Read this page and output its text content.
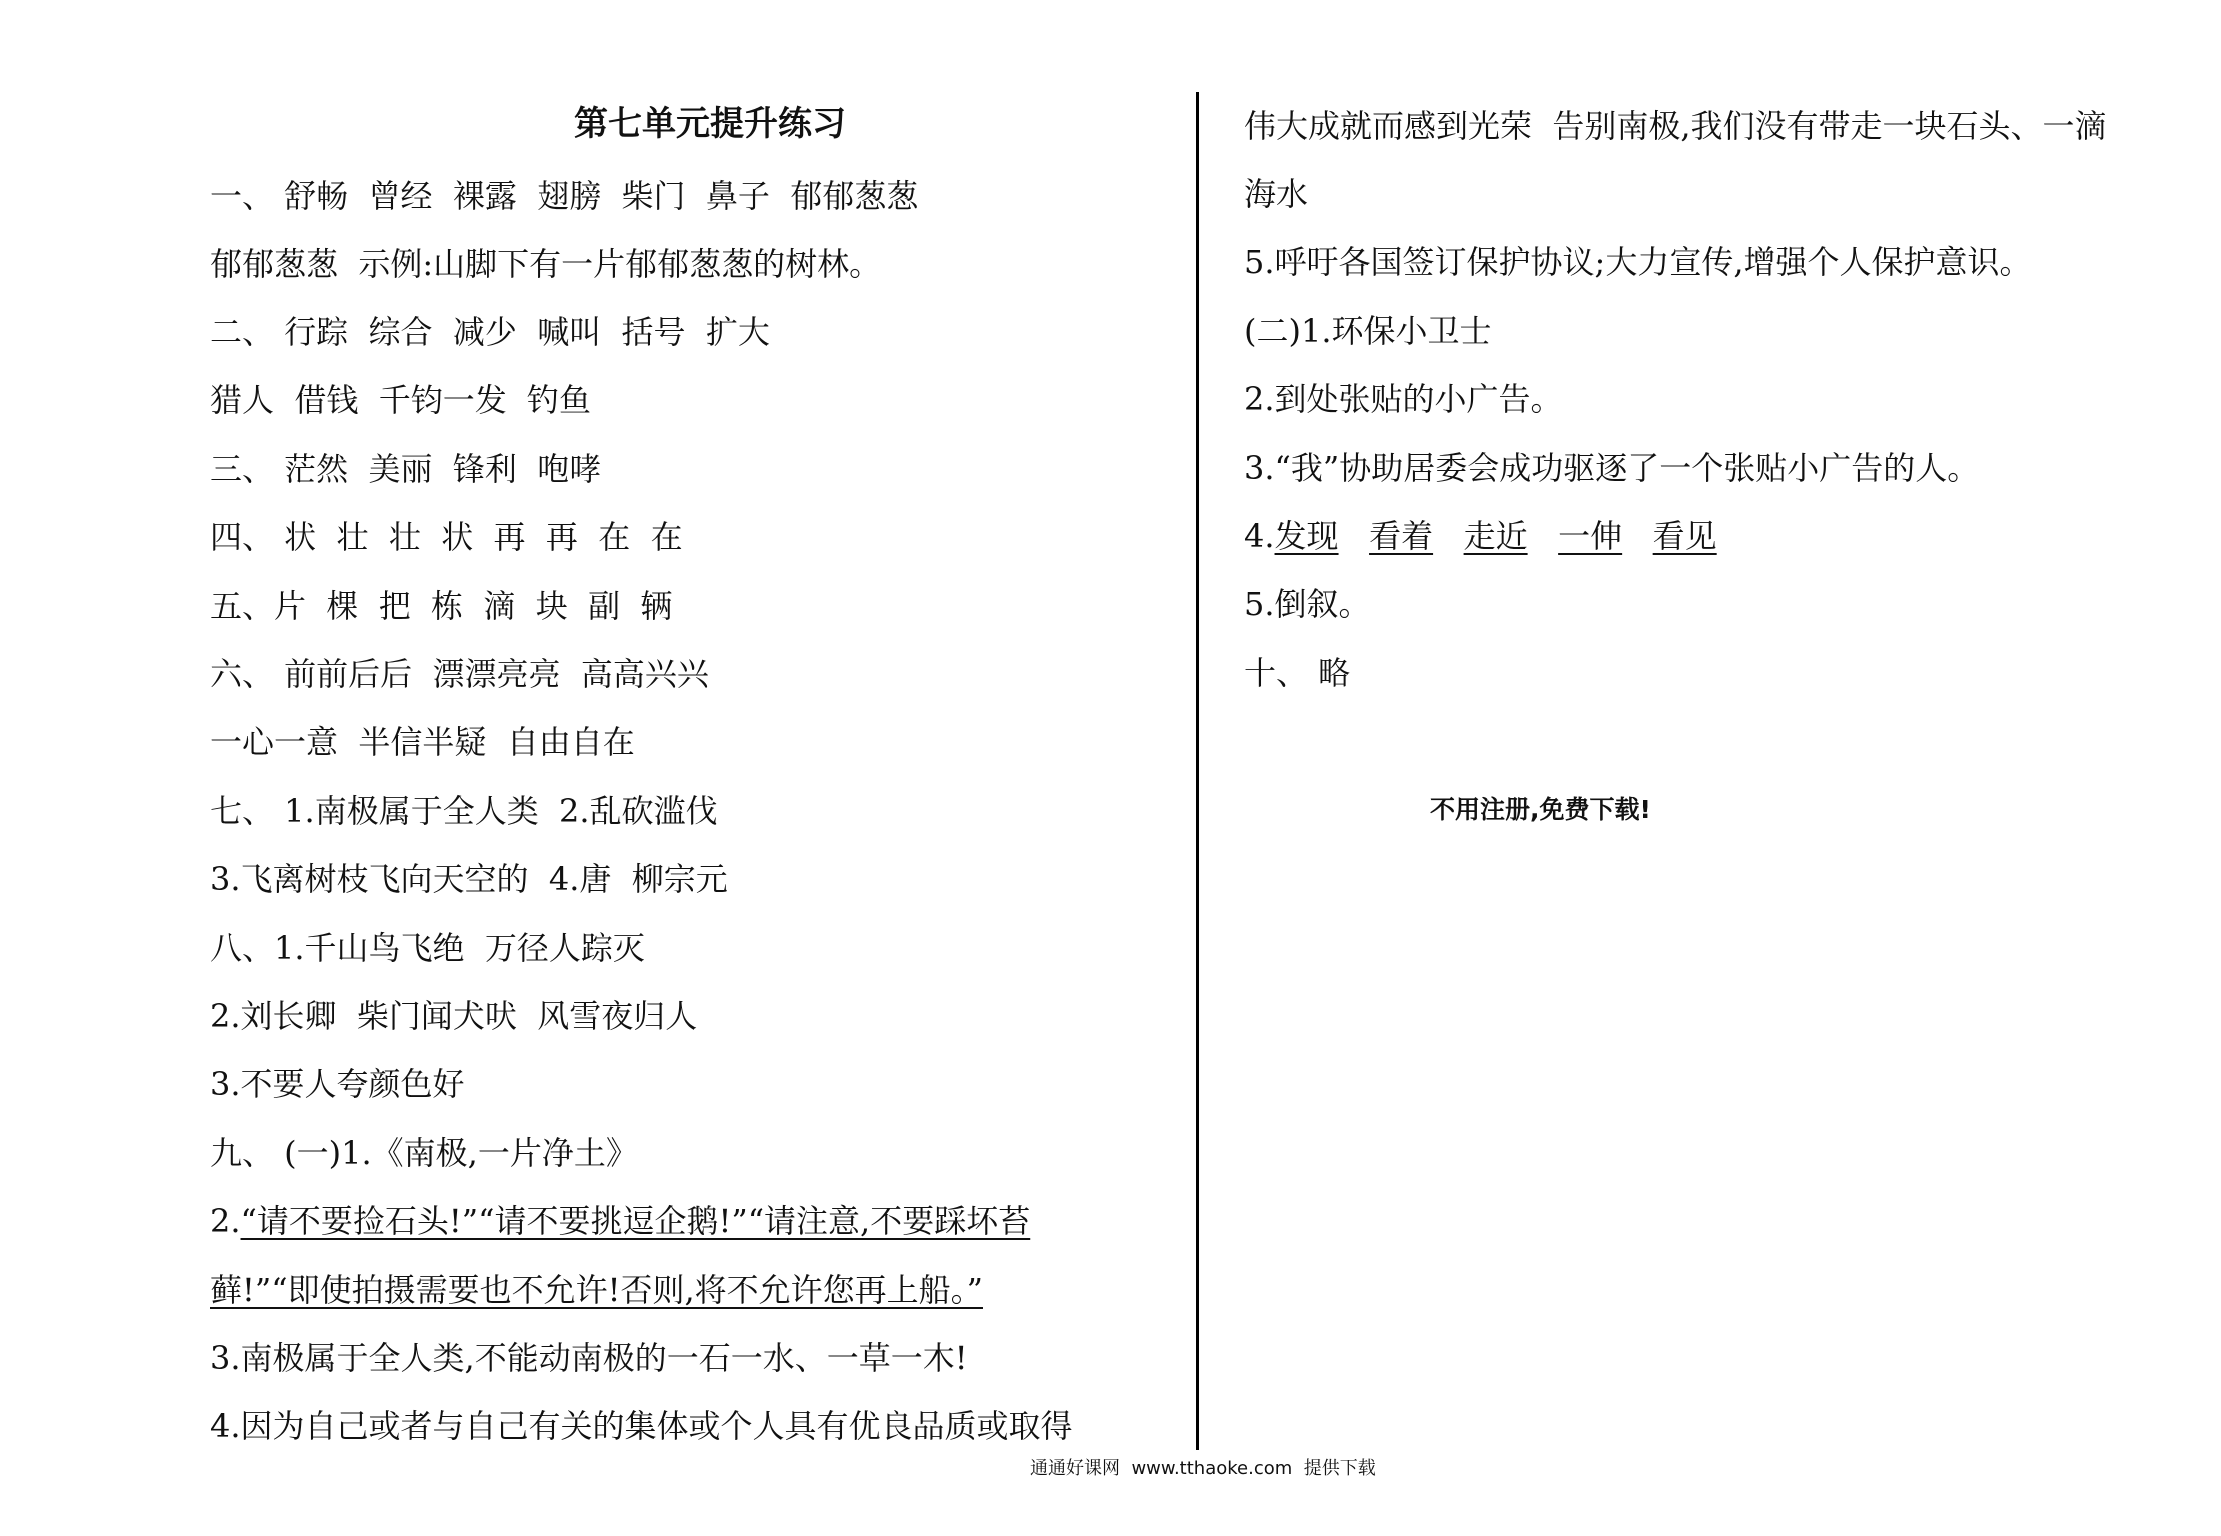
第七单元提升练习
一、 舒畅  曾经  裸露  翅膀  柴门  鼻子  郁郁葱葱
郁郁葱葱  示例:山脚下有一片郁郁葱葱的树林。
二、 行踪  综合  减少  喊叫  括号  扩大
猎人  借钱  千钧一发  钓鱼
三、 茫然  美丽  锋利  咆哮
四、 状  壮  壮  状  再  再  在  在
五、片  棵  把  栋  滴  块  副  辆
六、 前前后后  漂漂亮亮  高高兴兴
一心一意  半信半疑  自由自在
七、 1.南极属于全人类  2.乱砍滥伐
3.飞离树枝飞向天空的  4.唐  柳宗元
八、1.千山鸟飞绝  万径人踪灭
2.刘长卿  柴门闻犬吠  风雪夜归人
3.不要人夸颜色好
九、 (一)1.《南极,一片净土》
2.“请不要捡石头!”“请不要挑逗企鹅!”“请注意,不要踩坏苔
藓!”“即使拍摄需要也不允许!否则,将不允许您再上船。”
3.南极属于全人类,不能动南极的一石一水、一草一木!
4.因为自己或者与自己有关的集体或个人具有优良品质或取得
伟大成就而感到光荣  告别南极,我们没有带走一块石头、一滴
海水
5.呼吁各国签订保护协议;大力宣传,增强个人保护意识。
(二)1.环保小卫士
2.到处张贴的小广告。
3.“我”协助居委会成功驱逐了一个张贴小广告的人。
4.发现 看着 走近 一伸 看见
5.倒叙。
十、 略
不用注册,免费下载!
通通好课网  www.tthaoke.com  提供下载
